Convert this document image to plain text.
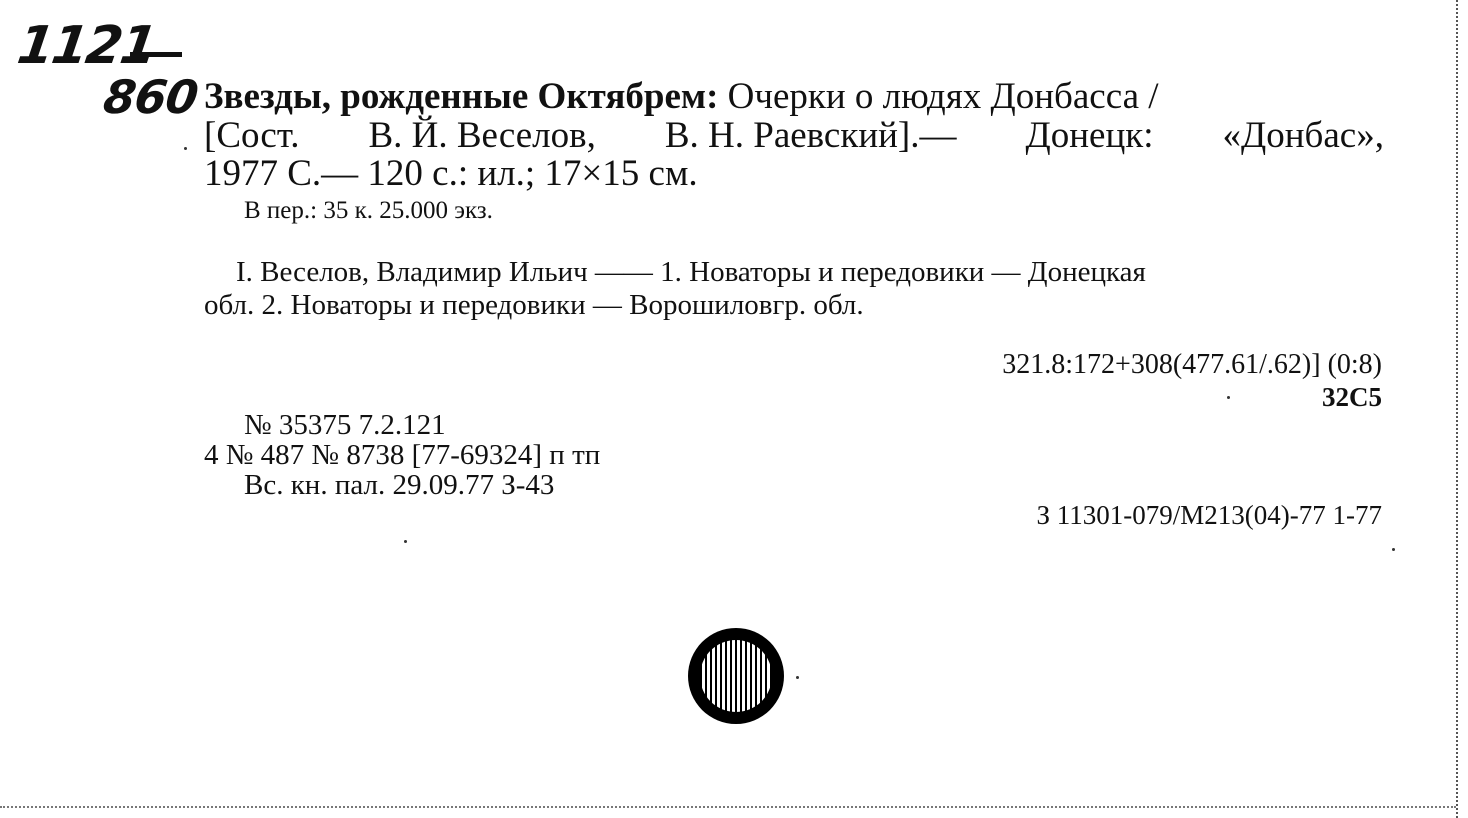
1121
860 Звезды, рожденные Октябрем: Очерки о людях Донбасса /
[Сост. В. Й. Веселов, В. Н. Раевский].— Донецк: «Донбас»,
1977 С.— 120 с.: ил.; 17×15 см.
В пер.: 35 к. 25.000 экз.
I. Веселов, Владимир Ильич —— 1. Новаторы и передовики — Донецкая
обл. 2. Новаторы и передовики — Ворошиловгр. обл.
321.8:172+308(477.61/.62)] (0:8)
32С5
№ 35375 7.2.121
4 № 487 № 8738 [77-69324] п тп
Вс. кн. пал. 29.09.77 З-43
З 11301-079/М213(04)-77 1-77
